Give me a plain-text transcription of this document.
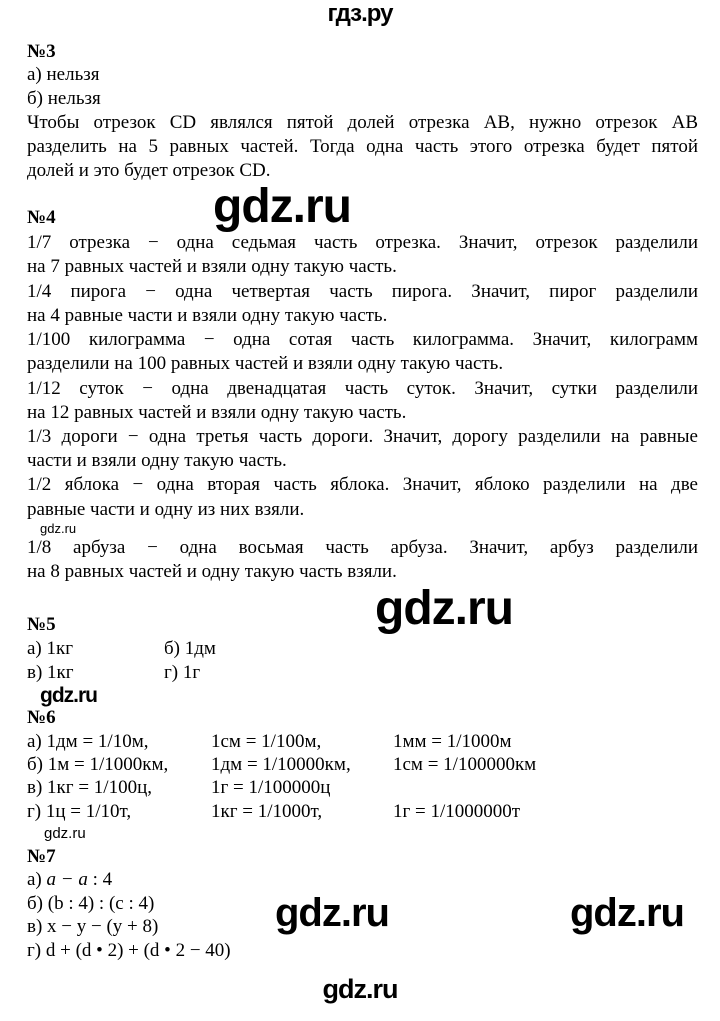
гдз.ру
№3
а) нельзя
б) нельзя
Чтобы отрезок CD являлся пятой долей отрезка AB, нужно отрезок AB
разделить на 5 равных частей. Тогда одна часть этого отрезка будет пятой
долей и это будет отрезок CD.
gdz.ru
№4
1/7 отрезка − одна седьмая часть отрезка. Значит, отрезок разделили
на 7 равных частей и взяли одну такую часть.
1/4 пирога − одна четвертая часть пирога. Значит, пирог разделили
на 4 равные части и взяли одну такую часть.
1/100 килограмма − одна сотая часть килограмма. Значит, килограмм
разделили на 100 равных частей и взяли одну такую часть.
1/12 суток − одна двенадцатая часть суток. Значит, сутки разделили
на 12 равных частей и взяли одну такую часть.
1/3 дороги − одна третья часть дороги. Значит, дорогу разделили на равные
части и взяли одну такую часть.
1/2 яблока − одна вторая часть яблока. Значит, яблоко разделили на две
равные части и одну из них взяли.
gdz.ru
1/8 арбуза − одна восьмая часть арбуза. Значит, арбуз разделили
на 8 равных частей и одну такую часть взяли.
gdz.ru
№5
а) 1кг	б) 1дм
в) 1кг	г) 1г
gdz.ru
№6
а) 1дм = 1/10м,	1см = 1/100м,	1мм = 1/1000м
б) 1м = 1/1000км, 1дм = 1/10000км, 1см = 1/100000км
в) 1кг = 1/100ц,	1г = 1/100000ц
г) 1ц = 1/10т,	1кг = 1/1000т,	1г = 1/1000000т
gdz.ru
№7
а) a − a : 4
б) (b : 4) : (c : 4)
в) x − y − (y + 8)
г) d + (d • 2) + (d • 2 − 40)
gdz.ru	gdz.ru
gdz.ru
